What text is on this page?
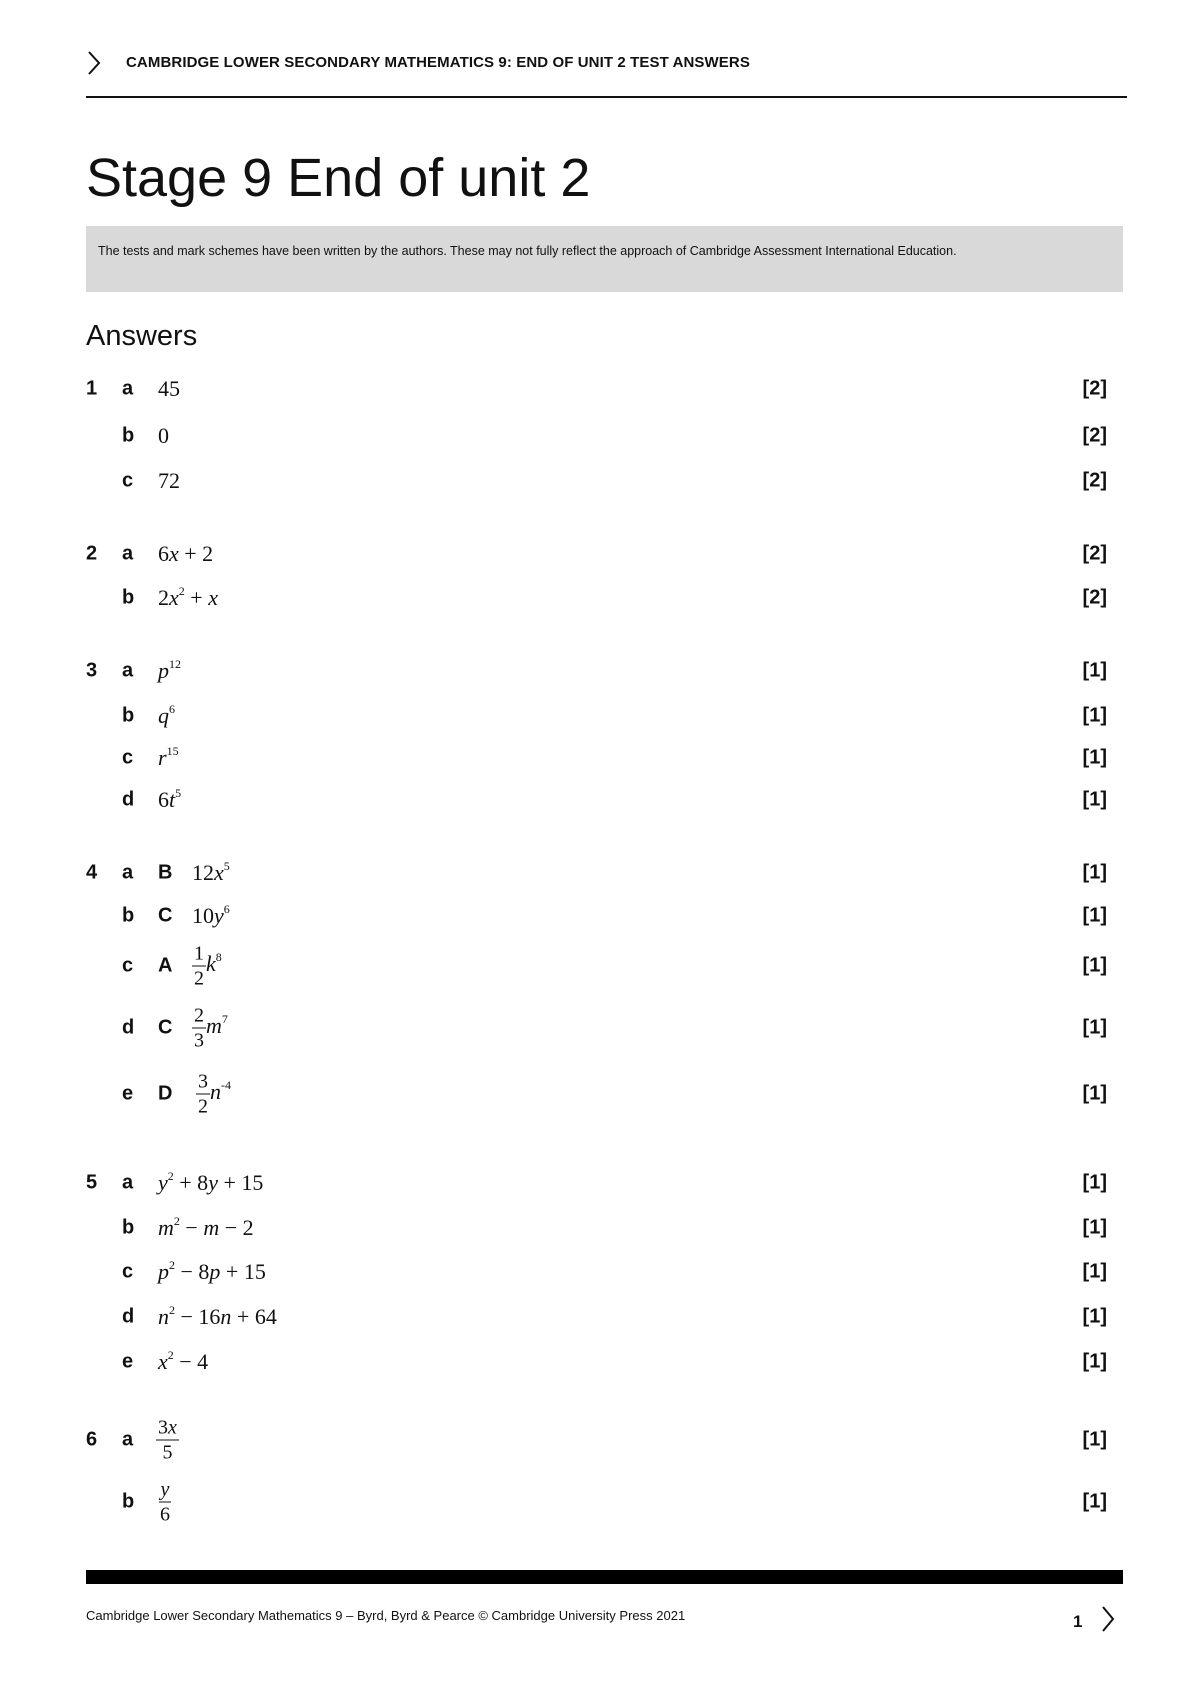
CAMBRIDGE LOWER SECONDARY MATHEMATICS 9: END OF UNIT 2 TEST ANSWERS
Stage 9 End of unit 2
The tests and mark schemes have been written by the authors. These may not fully reflect the approach of Cambridge Assessment International Education.
Answers
1 a 45	[2]
b 0	[2]
c 72	[2]
2 a 6x + 2	[2]
b $2x^2 + x$	[2]
3 a $p^{12}$	[1]
b $q^6$	[1]
c $r^{15}$	[1]
d $6t^5$	[1]
4 a B $12x^5$	[1]
b C $10y^6$	[1]
c A $\frac{1}{2} k^8$	[1]
d C $\frac{2}{3} m^7$	[1]
e D $\frac{3}{2} n^{-4}$	[1]
5 a $y^2 + 8y + 15$	[1]
b $m^2 - m - 2$	[1]
c $p^2 - 8p + 15$	[1]
d $n^2 - 16n + 64$	[1]
e $x^2 - 4$	[1]
6 a $\frac{3x}{5}$	[1]
b $\frac{y}{6}$	[1]
Cambridge Lower Secondary Mathematics 9 – Byrd, Byrd & Pearce © Cambridge University Press 2021	1
